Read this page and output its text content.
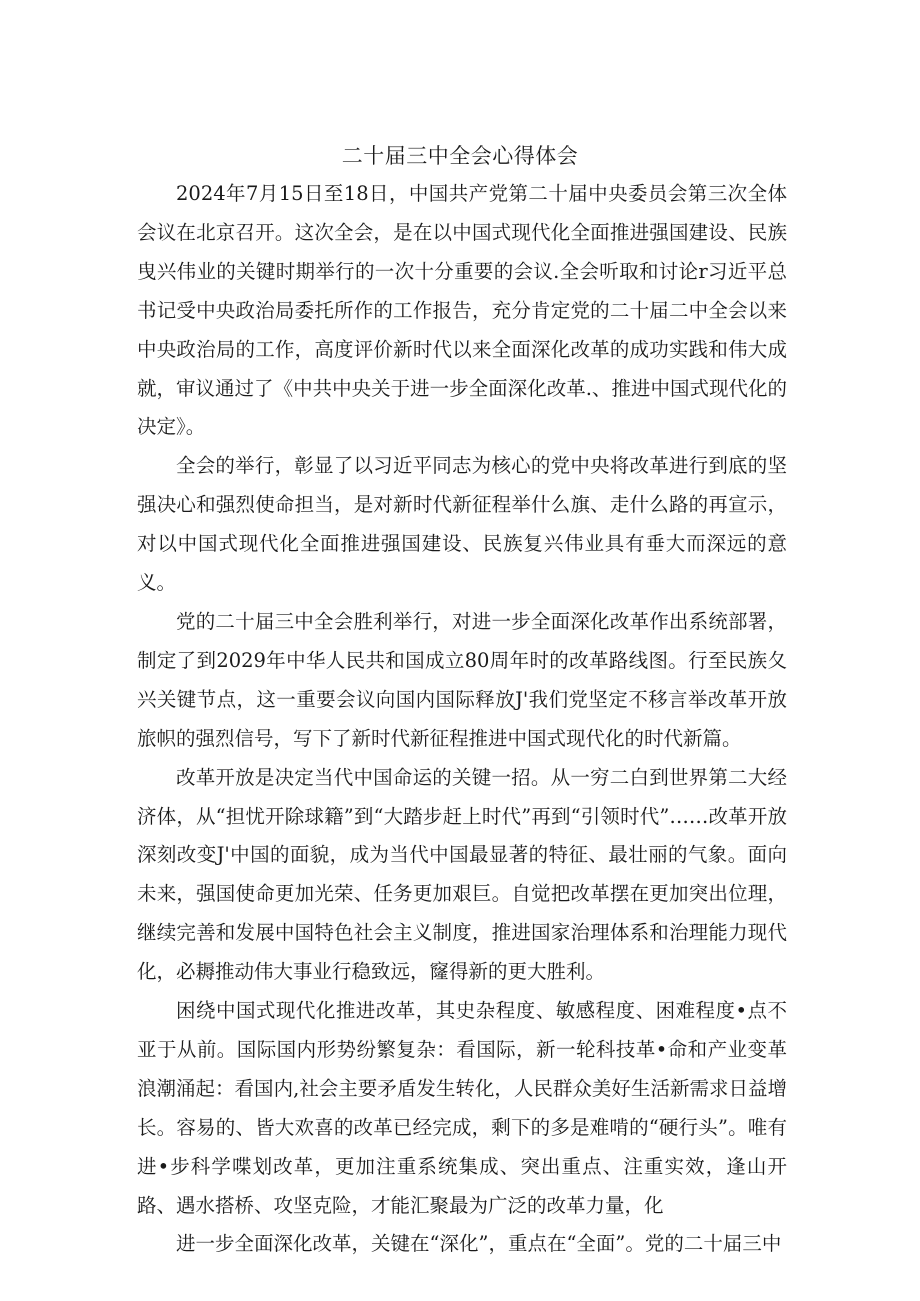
二十届三中全会心得体会

2024年7月15日至18日，中国共产党第二十届中央委员会第三次全体会议在北京召开。这次全会，是在以中国式现代化全面推进强国建设、民族曳兴伟业的关键时期举行的一次十分重要的会议.全会听取和讨论r习近平总书记受中央政治局委托所作的工作报告，充分肯定党的二十届二中全会以来中央政治局的工作，高度评价新时代以来全面深化改革的成功实践和伟大成就，审议通过了《中共中央关于进一步全面深化改革.、推进中国式现代化的决定》。

全会的举行，彰显了以习近平同志为核心的党中央将改革进行到底的坚强决心和强烈使命担当，是对新时代新征程举什么旗、走什么路的再宣示，对以中国式现代化全面推进强国建设、民族复兴伟业具有垂大而深远的意义。

党的二十届三中全会胜利举行，对进一步全面深化改革作出系统部署，制定了到2029年中华人民共和国成立80周年时的改革路线图。行至民族夂兴关键节点，这一重要会议向国内国际释放J'我们党坚定不移言举改革开放旅帜的强烈信号，写下了新时代新征程推进中国式现代化的时代新篇。

改革开放是决定当代中国命运的关键一招。从一穷二白到世界第二大经济体，从“担忧开除球籍”到“大踏步赶上时代”再到“引领时代”……改革开放深刻改变J'中国的面貌，成为当代中国最显著的特征、最壮丽的气象。面向未来，强国使命更加光荣、任务更加艰巨。自觉把改革摆在更加突出位理，继续完善和发展中国特色社会主义制度，推进国家治理体系和治理能力现代化，必耨推动伟大事业行稳致远，窿得新的更大胜利。

困绕中国式现代化推进改革，其史杂程度、敏感程度、困难程度•点不亚于从前。国际国内形势纷繁复杂：看国际，新一轮科技革•命和产业变革浪潮涌起：看国内,社会主要矛盾发生转化，人民群众美好生活新需求日益增长。容易的、皆大欢喜的改革已经完成，剩下的多是难啃的“硬行头”。唯有进•步科学喋划改革，更加注重系统集成、突出重点、注重实效，逢山开路、遇水搭桥、攻坚克险，才能汇聚最为广泛的改革力量，化

进一步全面深化改革，关键在“深化”，重点在“全面”。党的二十届三中
